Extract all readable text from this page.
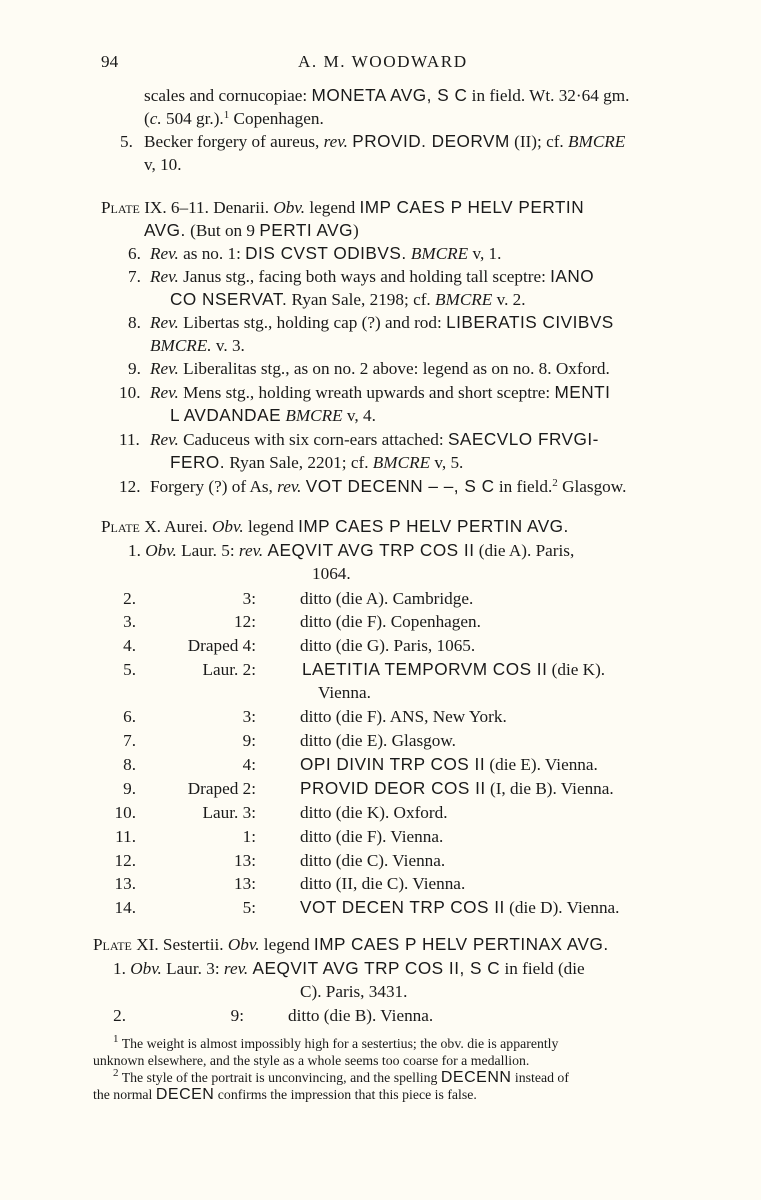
94	A. M. WOODWARD
scales and cornucopiae: MONETA AVG, S C in field. Wt. 32·64 gm.
(c. 504 gr.).$^1$ Copenhagen.
5. Becker forgery of aureus, rev. PROVID. DEORVM (II); cf. BMCRE
v, 10.
Plate IX. 6–11. Denarii. Obv. legend IMP CAES P HELV PERTIN
AVG. (But on 9 PERTI AVG)
6. Rev. as no. 1: DIS CVST ODIBVS. BMCRE v, 1.
7. Rev. Janus stg., facing both ways and holding tall sceptre: IANO
CO NSERVAT. Ryan Sale, 2198; cf. BMCRE v. 2.
8. Rev. Libertas stg., holding cap (?) and rod: LIBERATIS CIVIBVS
BMCRE. v. 3.
9. Rev. Liberalitas stg., as on no. 2 above: legend as on no. 8. Oxford.
10. Rev. Mens stg., holding wreath upwards and short sceptre: MENTI
L AVDANDAE BMCRE v, 4.
11. Rev. Caduceus with six corn-ears attached: SAECVLO FRVGI-
FERO. Ryan Sale, 2201; cf. BMCRE v, 5.
12. Forgery (?) of As, rev. VOT DECENN – –, S C in field.$^2$ Glasgow.
Plate X. Aurei. Obv. legend IMP CAES P HELV PERTIN AVG.
1. Obv. Laur. 5: rev. AEQVIT AVG TRP COS II (die A). Paris,
1064.
2.	3:	ditto (die A). Cambridge.
3.	12:	ditto (die F). Copenhagen.
4.	Draped 4:	ditto (die G). Paris, 1065.
5.	Laur. 2:	LAETITIA TEMPORVM COS II (die K).
Vienna.
6.	3:	ditto (die F). ANS, New York.
7.	9:	ditto (die E). Glasgow.
8.	4:	OPI DIVIN TRP COS II (die E). Vienna.
9.	Draped 2:	PROVID DEOR COS II (I, die B). Vienna.
10.	Laur. 3:	ditto (die K). Oxford.
11.	1:	ditto (die F). Vienna.
12.	13:	ditto (die C). Vienna.
13.	13:	ditto (II, die C). Vienna.
14.	5:	VOT DECEN TRP COS II (die D). Vienna.
Plate XI. Sestertii. Obv. legend IMP CAES P HELV PERTINAX AVG.
1. Obv. Laur. 3: rev. AEQVIT AVG TRP COS II, S C in field (die
C). Paris, 3431.
2.	9:	ditto (die B). Vienna.
$^1$ The weight is almost impossibly high for a sestertius; the obv. die is apparently
unknown elsewhere, and the style as a whole seems too coarse for a medallion.
$^2$ The style of the portrait is unconvincing, and the spelling DECENN instead of
the normal DECEN confirms the impression that this piece is false.
